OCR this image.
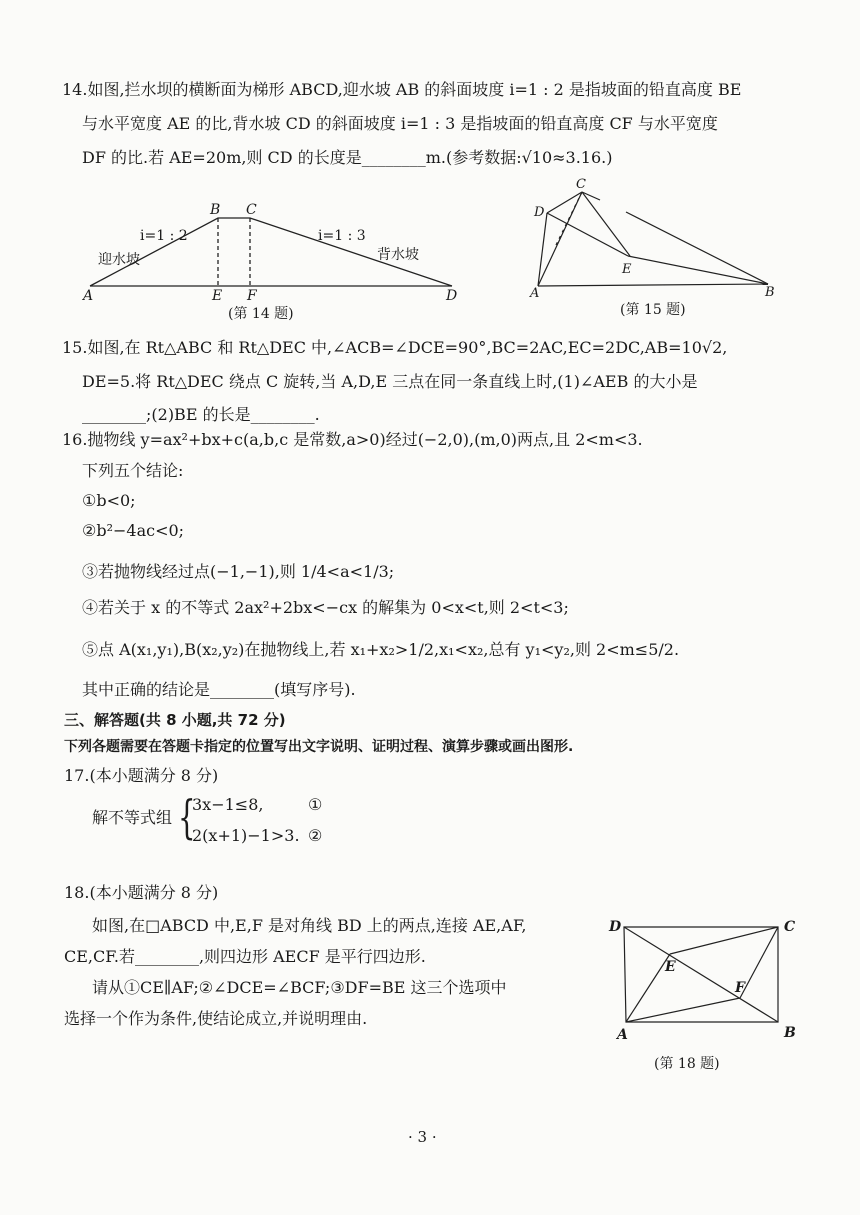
14.如图,拦水坝的横断面为梯形 ABCD,迎水坡 AB 的斜面坡度 i=1 : 2 是指坡面的铅直高度 BE
与水平宽度 AE 的比,背水坡 CD 的斜面坡度 i=1 : 3 是指坡面的铅直高度 CF 与水平宽度
DF 的比.若 AE=20m,则 CD 的长度是________m.(参考数据:√10≈3.16.)
A
B C
D
E F
i=1 : 2	i=1 : 3
迎水坡	背水坡
(第 14 题)
C
D
E
A	B
(第 15 题)
D	C
A	B
E
F
(第 18 题)
15.如图,在 Rt△ABC 和 Rt△DEC 中,∠ACB=∠DCE=90°,BC=2AC,EC=2DC,AB=10√2,
DE=5.将 Rt△DEC 绕点 C 旋转,当 A,D,E 三点在同一条直线上时,(1)∠AEB 的大小是
________;(2)BE 的长是________.
16.抛物线 y=ax²+bx+c(a,b,c 是常数,a>0)经过(−2,0),(m,0)两点,且 2<m<3.
下列五个结论:
①b<0;
②b²−4ac<0;
③若抛物线经过点(−1,−1),则 1/4<a<1/3;
④若关于 x 的不等式 2ax²+2bx<−cx 的解集为 0<x<t,则 2<t<3;
⑤点 A(x₁,y₁),B(x₂,y₂)在抛物线上,若 x₁+x₂>1/2,x₁<x₂,总有 y₁<y₂,则 2<m≤5/2.
其中正确的结论是________(填写序号).
三、解答题(共 8 小题,共 72 分)
下列各题需要在答题卡指定的位置写出文字说明、证明过程、演算步骤或画出图形.
17.(本小题满分 8 分)
解不等式组 {
3x−1≤8,	①
2(x+1)−1>3. ②
18.(本小题满分 8 分)
如图,在□ABCD 中,E,F 是对角线 BD 上的两点,连接 AE,AF,
CE,CF.若________,则四边形 AECF 是平行四边形.
请从①CE∥AF;②∠DCE=∠BCF;③DF=BE 这三个选项中
选择一个作为条件,使结论成立,并说明理由.
· 3 ·
